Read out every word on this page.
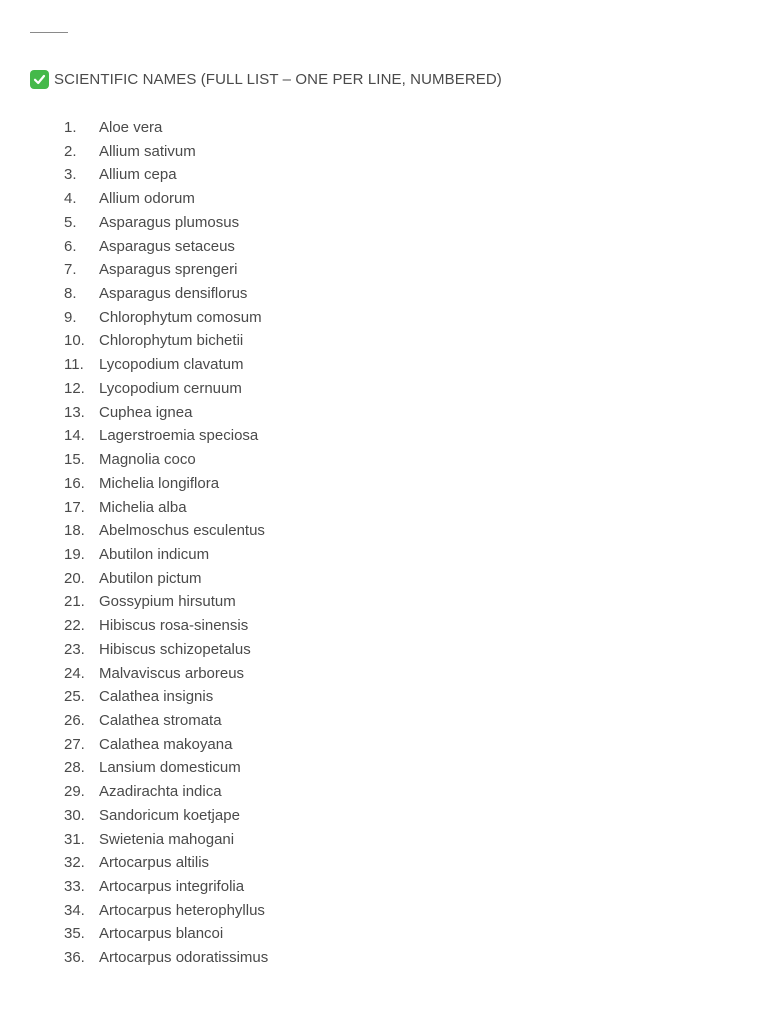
SCIENTIFIC NAMES (FULL LIST – ONE PER LINE, NUMBERED)
1. Aloe vera
2. Allium sativum
3. Allium cepa
4. Allium odorum
5. Asparagus plumosus
6. Asparagus setaceus
7. Asparagus sprengeri
8. Asparagus densiflorus
9. Chlorophytum comosum
10. Chlorophytum bichetii
11. Lycopodium clavatum
12. Lycopodium cernuum
13. Cuphea ignea
14. Lagerstroemia speciosa
15. Magnolia coco
16. Michelia longiflora
17. Michelia alba
18. Abelmoschus esculentus
19. Abutilon indicum
20. Abutilon pictum
21. Gossypium hirsutum
22. Hibiscus rosa-sinensis
23. Hibiscus schizopetalus
24. Malvaviscus arboreus
25. Calathea insignis
26. Calathea stromata
27. Calathea makoyana
28. Lansium domesticum
29. Azadirachta indica
30. Sandoricum koetjape
31. Swietenia mahogani
32. Artocarpus altilis
33. Artocarpus integrifolia
34. Artocarpus heterophyllus
35. Artocarpus blancoi
36. Artocarpus odoratissimus
